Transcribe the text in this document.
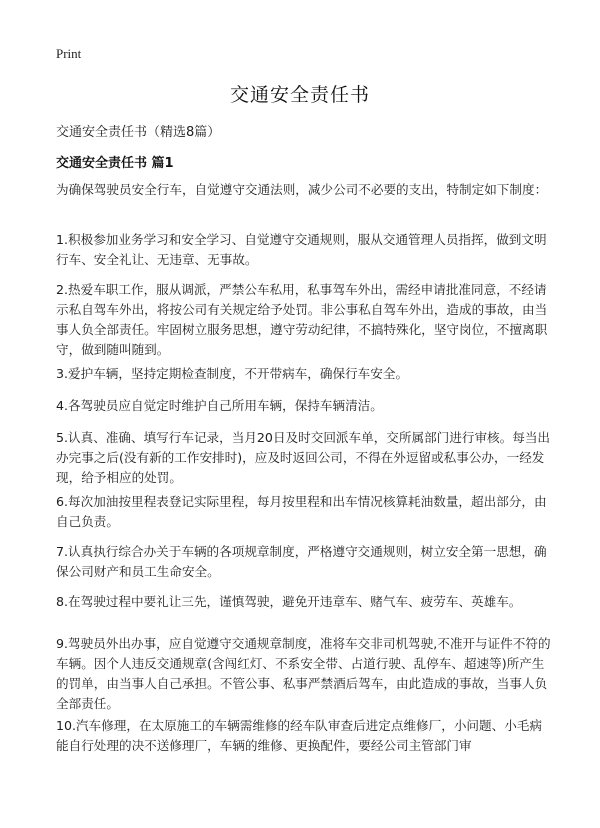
Print
交通安全责任书
交通安全责任书（精选8篇）
交通安全责任书 篇1

为确保驾驶员安全行车，自觉遵守交通法则，减少公司不必要的支出，特制定如下制度：

1.积极参加业务学习和安全学习、自觉遵守交通规则，服从交通管理人员指挥，做到文明行车、安全礼让、无违章、无事故。

2.热爱车职工作，服从调派，严禁公车私用，私事驾车外出，需经申请批准同意，不经请示私自驾车外出，将按公司有关规定给予处罚。非公事私自驾车外出，造成的事故，由当事人负全部责任。牢固树立服务思想，遵守劳动纪律，不搞特殊化，坚守岗位，不擅离职守，做到随叫随到。

3.爱护车辆，坚持定期检查制度，不开带病车，确保行车安全。

4.各驾驶员应自觉定时维护自己所用车辆，保持车辆清洁。

5.认真、准确、填写行车记录，当月20日及时交回派车单，交所属部门进行审核。每当出办完事之后(没有新的工作安排时)，应及时返回公司，不得在外逗留或私事公办，一经发现，给予相应的处罚。

6.每次加油按里程表登记实际里程，每月按里程和出车情况核算耗油数量，超出部分，由自己负责。

7.认真执行综合办关于车辆的各项规章制度，严格遵守交通规则，树立安全第一思想，确保公司财产和员工生命安全。

8.在驾驶过程中要礼让三先，谨慎驾驶，避免开违章车、赌气车、疲劳车、英雄车。

9.驾驶员外出办事，应自觉遵守交通规章制度，准将车交非司机驾驶,不准开与证件不符的车辆。因个人违反交通规章(含闯红灯、不系安全带、占道行驶、乱停车、超速等)所产生的罚单，由当事人自己承担。不管公事、私事严禁酒后驾车，由此造成的事故，当事人负全部责任。

10.汽车修理，在太原施工的车辆需维修的经车队审查后进定点维修厂，小问题、小毛病能自行处理的决不送修理厂，车辆的维修、更换配件，要经公司主管部门审
